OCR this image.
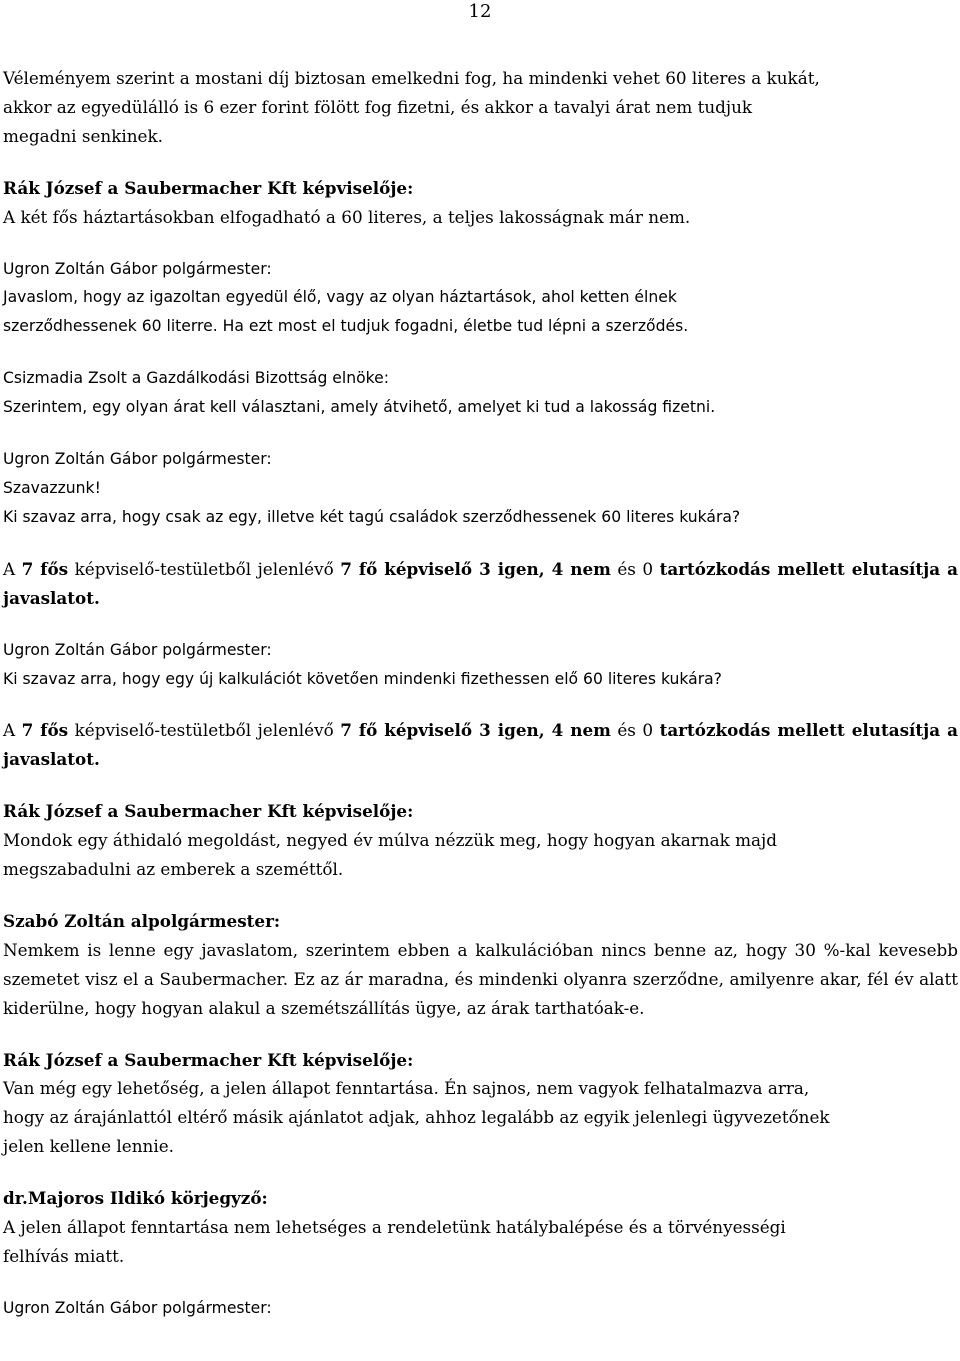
12
Véleményem szerint a mostani díj biztosan emelkedni fog, ha mindenki vehet 60 literes a kukát,
akkor az egyedülálló is 6 ezer forint fölött fog fizetni, és akkor a tavalyi árat nem tudjuk
megadni senkinek.
Rák József a Saubermacher Kft képviselője:
A két fős háztartásokban elfogadható a 60 literes, a teljes lakosságnak már nem.
Ugron Zoltán Gábor polgármester:
Javaslom, hogy az igazoltan egyedül élő, vagy az olyan háztartások, ahol ketten élnek
szerződhessenek 60 literre. Ha ezt most el tudjuk fogadni, életbe tud lépni a szerződés.
Csizmadia Zsolt a Gazdálkodási Bizottság elnöke:
Szerintem, egy olyan árat kell választani, amely átvihető, amelyet ki tud a lakosság fizetni.
Ugron Zoltán Gábor polgármester:
Szavazzunk!
Ki szavaz arra, hogy csak az egy, illetve két tagú családok szerződhessenek 60 literes kukára?
A 7 fős képviselő-testületből jelenlévő 7 fő képviselő 3 igen, 4 nem és 0 tartózkodás mellett elutasítja a javaslatot.
Ugron Zoltán Gábor polgármester:
Ki szavaz arra, hogy egy új kalkulációt követően mindenki fizethessen elő 60 literes kukára?
A 7 fős képviselő-testületből jelenlévő 7 fő képviselő 3 igen, 4 nem és 0 tartózkodás mellett elutasítja a javaslatot.
Rák József a Saubermacher Kft képviselője:
Mondok egy áthidaló megoldást, negyed év múlva nézzük meg, hogy hogyan akarnak majd
megszabadulni az emberek a szeméttől.
Szabó Zoltán alpolgármester:
Nemkem is lenne egy javaslatom, szerintem ebben a kalkulációban nincs benne az, hogy 30 %-kal kevesebb szemetet visz el a Saubermacher. Ez az ár maradna, és mindenki olyanra szerződne, amilyenre akar, fél év alatt kiderülne, hogy hogyan alakul a szemétszállítás ügye, az árak tarthatóak-e.
Rák József a Saubermacher Kft képviselője:
Van még egy lehetőség, a jelen állapot fenntartása. Én sajnos, nem vagyok felhatalmazva arra,
hogy az árajánlattól eltérő másik ajánlatot adjak, ahhoz legalább az egyik jelenlegi ügyvezetőnek
jelen kellene lennie.
dr.Majoros Ildikó körjegyző:
A jelen állapot fenntartása nem lehetséges a rendeletünk hatálybalépése és a törvényességi
felhívás miatt.
Ugron Zoltán Gábor polgármester:
